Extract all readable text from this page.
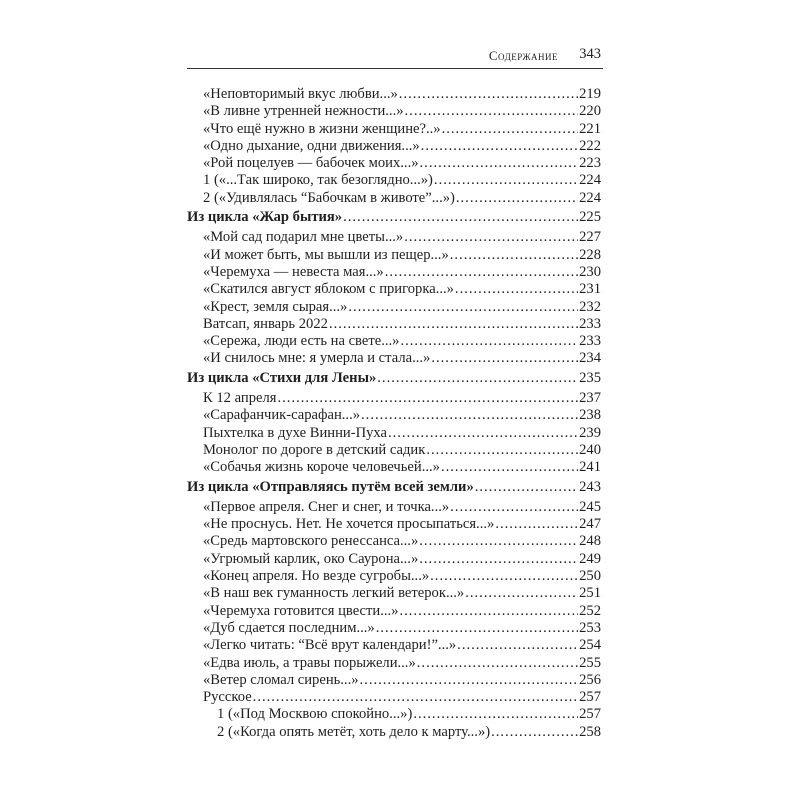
Содержание 343
«Неповторимый вкус любви...» .....	219
«В ливне утренней нежности...» .....	220
«Что ещё нужно в жизни женщине?..» .....	221
«Одно дыхание, одни движения...» .....	222
«Рой поцелуев — бабочек моих...» .....	223
1 («...Так широко, так безоглядно...») .....	224
2 («Удивлялась “Бабочкам в животе”...») .....	224
Из цикла «Жар бытия» .....	225
«Мой сад подарил мне цветы...» .....	227
«И может быть, мы вышли из пещер...» .....	228
«Черемуха — невеста мая...» .....	230
«Скатился август яблоком с пригорка...» .....	231
«Крест, земля сырая...» .....	232
Ватсап, январь 2022 .....	233
«Сережа, люди есть на свете...» .....	233
«И снилось мне: я умерла и стала...» .....	234
Из цикла «Стихи для Лены» .....	235
К 12 апреля .....	237
«Сарафанчик-сарафан...» .....	238
Пыхтелка в духе Винни-Пуха .....	239
Монолог по дороге в детский садик .....	240
«Собачья жизнь короче человечьей...» .....	241
Из цикла «Отправляясь путём всей земли» .....	243
«Первое апреля. Снег и снег, и точка...» .....	245
«Не проснусь. Нет. Не хочется просыпаться...» .....	247
«Средь мартовского ренессанса...» .....	248
«Угрюмый карлик, око Саурона...» .....	249
«Конец апреля. Но везде сугробы...» .....	250
«В наш век гуманность легкий ветерок...» .....	251
«Черемуха готовится цвести...» .....	252
«Дуб сдается последним...» .....	253
«Легко читать: “Всё врут календари!”...» .....	254
«Едва июль, а травы порыжели...» .....	255
«Ветер сломал сирень...» .....	256
Русское .....	257
1 («Под Москвою спокойно...») .....	257
2 («Когда опять метёт, хоть дело к марту...») .....	258
